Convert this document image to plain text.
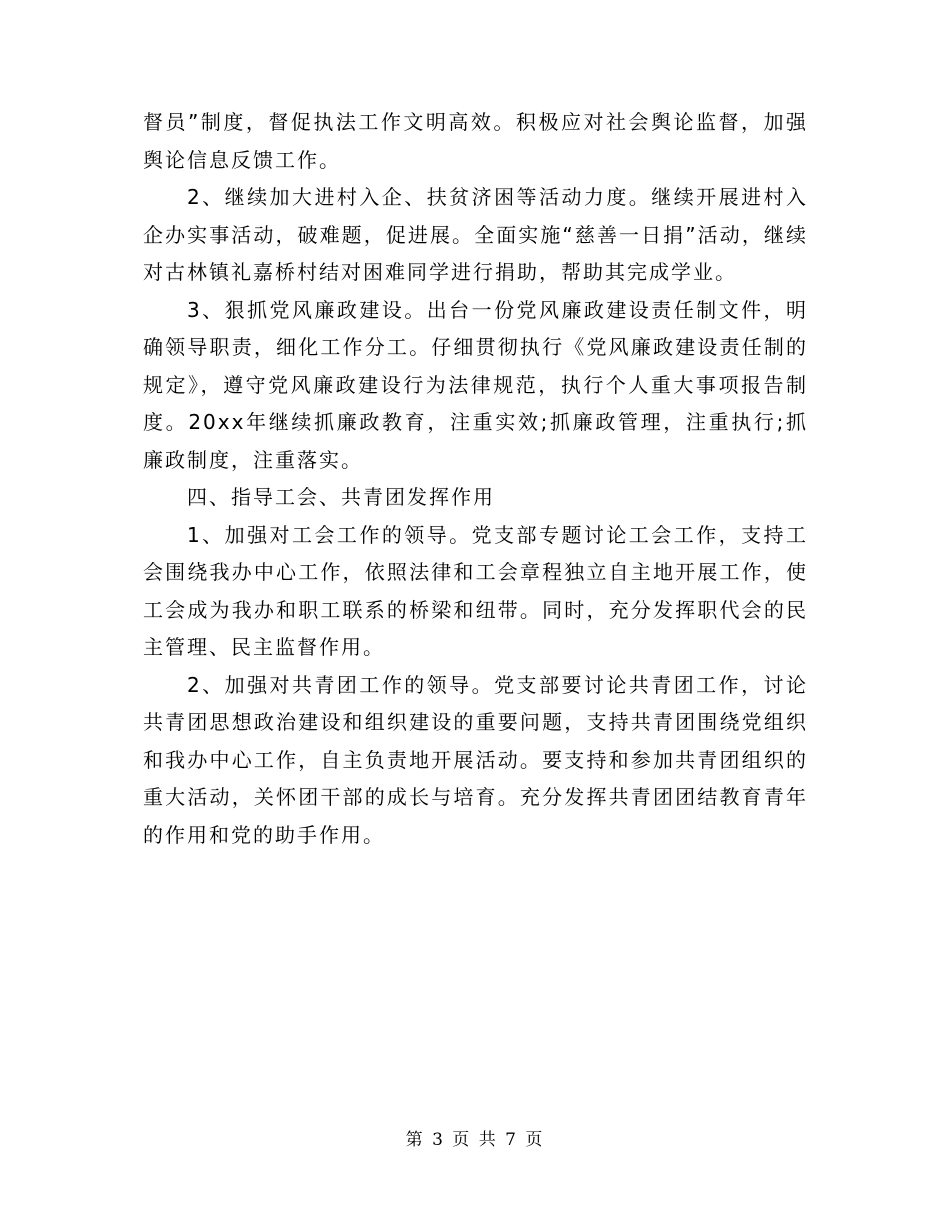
督员”制度，督促执法工作文明高效。积极应对社会舆论监督，加强舆论信息反馈工作。

2、继续加大进村入企、扶贫济困等活动力度。继续开展进村入企办实事活动，破难题，促进展。全面实施“慈善一日捐”活动，继续对古林镇礼嘉桥村结对困难同学进行捐助，帮助其完成学业。

3、狠抓党风廉政建设。出台一份党风廉政建设责任制文件，明确领导职责，细化工作分工。仔细贯彻执行《党风廉政建设责任制的规定》，遵守党风廉政建设行为法律规范，执行个人重大事项报告制度。20xx年继续抓廉政教育，注重实效;抓廉政管理，注重执行;抓廉政制度，注重落实。

四、指导工会、共青团发挥作用

1、加强对工会工作的领导。党支部专题讨论工会工作，支持工会围绕我办中心工作，依照法律和工会章程独立自主地开展工作，使工会成为我办和职工联系的桥梁和纽带。同时，充分发挥职代会的民主管理、民主监督作用。

2、加强对共青团工作的领导。党支部要讨论共青团工作，讨论共青团思想政治建设和组织建设的重要问题，支持共青团围绕党组织和我办中心工作，自主负责地开展活动。要支持和参加共青团组织的重大活动，关怀团干部的成长与培育。充分发挥共青团团结教育青年的作用和党的助手作用。

第 3 页 共 7 页
